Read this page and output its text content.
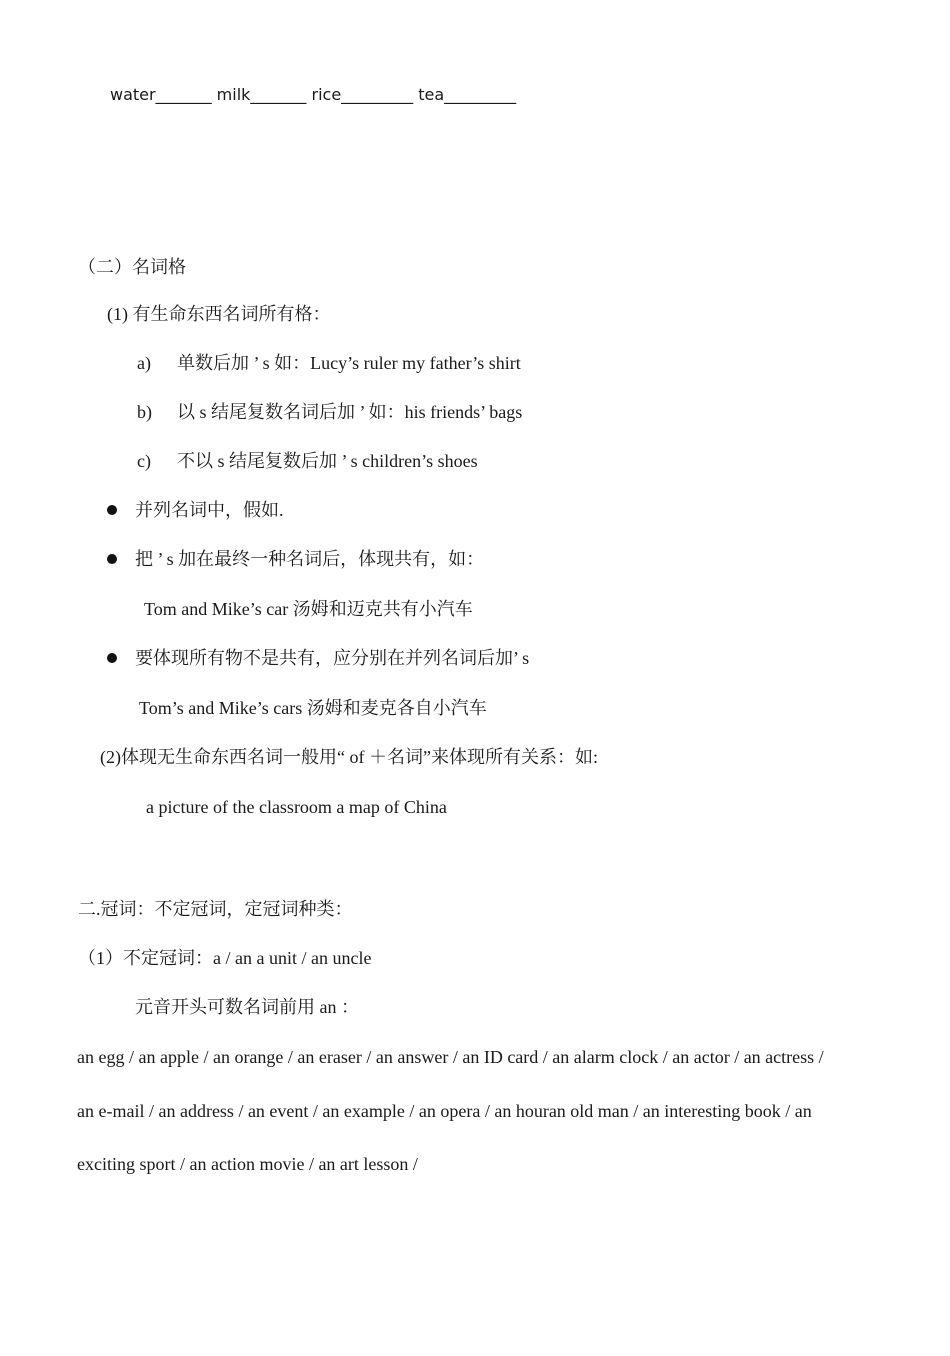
water_______ milk_______ rice_________ tea_________
（二）名词格
(1) 有生命东西名词所有格：
a)	单数后加 ’ s 如：Lucy’s ruler my father’s shirt
b)	以 s 结尾复数名词后加 ’ 如：his friends’ bags
c)	不以 s 结尾复数后加 ’ s children’s shoes
并列名词中，假如.
把 ’ s 加在最终一种名词后，体现共有，如：
Tom and Mike’s car 汤姆和迈克共有小汽车
要体现所有物不是共有，应分别在并列名词后加’ s
Tom’s and Mike’s cars 汤姆和麦克各自小汽车
(2)体现无生命东西名词一般用“ of ＋名词”来体现所有关系：如:
a picture of the classroom a map of China
二.冠词：不定冠词，定冠词种类：
（1）不定冠词：a / an a unit / an uncle
元音开头可数名词前用 an ：
an egg / an apple / an orange / an eraser / an answer / an ID card / an alarm clock / an actor / an actress /
an e-mail / an address / an event / an example / an opera / an houran old man / an interesting book / an
exciting sport / an action movie / an art lesson /
